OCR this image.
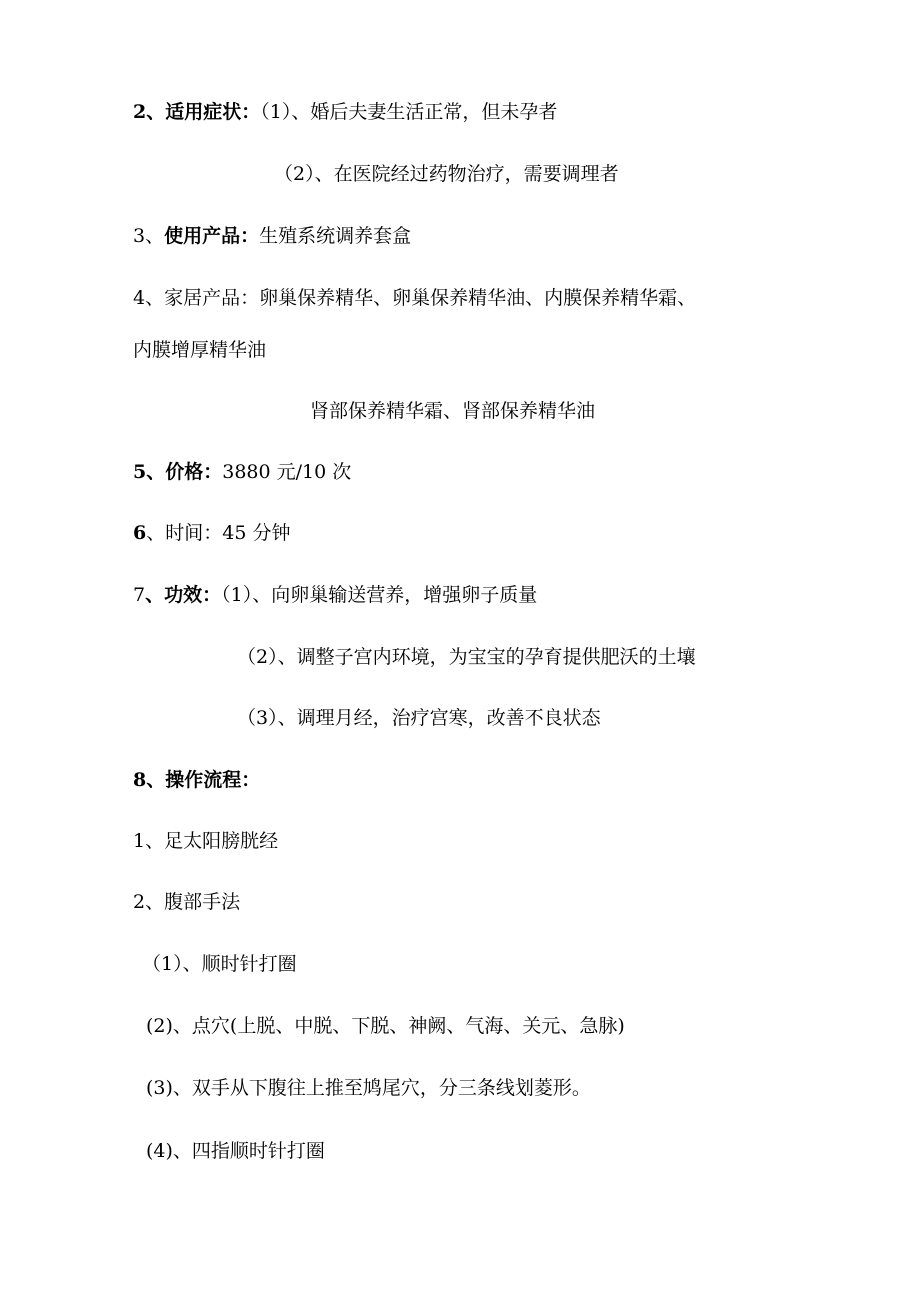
2、适用症状：（1）、婚后夫妻生活正常，但未孕者
（2）、在医院经过药物治疗，需要调理者
3、使用产品：生殖系统调养套盒
4、家居产品：卵巢保养精华、卵巢保养精华油、内膜保养精华霜、
内膜增厚精华油
肾部保养精华霜、肾部保养精华油
5、价格：3880 元/10 次
6、时间：45 分钟
7、功效：（1）、向卵巢输送营养，增强卵子质量
（2）、调整子宫内环境，为宝宝的孕育提供肥沃的土壤
（3）、调理月经，治疗宫寒，改善不良状态
8、操作流程：
1、足太阳膀胱经
2、腹部手法
（1）、顺时针打圈
(2)、点穴(上脱、中脱、下脱、神阙、气海、关元、急脉)
(3)、双手从下腹往上推至鸠尾穴，分三条线划菱形。
(4)、四指顺时针打圈
